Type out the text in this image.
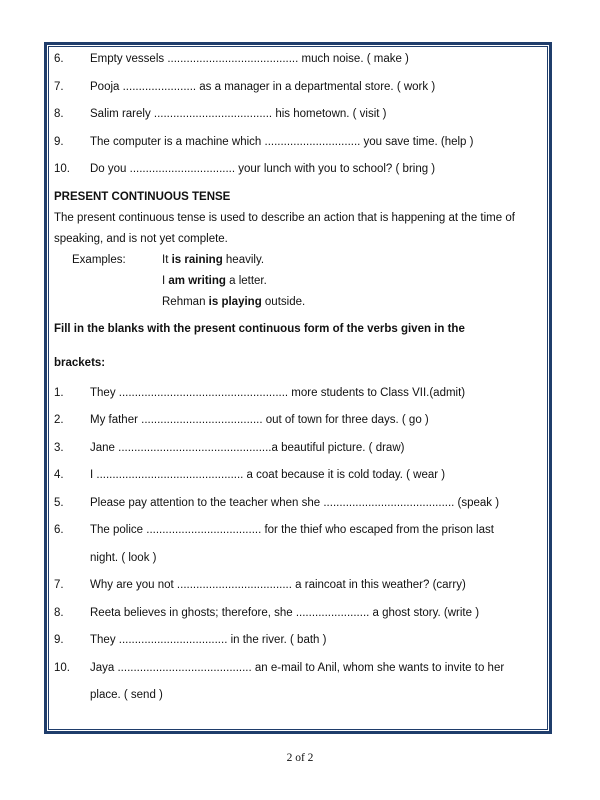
6. Empty vessels ......................................... much noise. ( make )
7. Pooja ....................... as a manager in a departmental store. ( work )
8. Salim rarely ..................................... his hometown. ( visit )
9. The computer is a machine which .............................. you save time. (help )
10. Do you ................................. your lunch with you to school? ( bring )
PRESENT CONTINUOUS TENSE
The present continuous tense is used to describe an action that is happening at the time of
speaking, and is not yet complete.
Examples:	It is raining heavily.
I am writing a letter.
Rehman is playing outside.
Fill in the blanks with the present continuous form of the verbs given in the
brackets:
1. They ..................................................... more students to Class VII.(admit)
2. My father ...................................... out of town for three days. ( go )
3. Jane ................................................a beautiful picture. ( draw)
4. I .............................................. a coat because it is cold today. ( wear )
5. Please pay attention to the teacher when she ......................................... (speak )
6. The police .................................... for the thief who escaped from the prison last
night. ( look )
7. Why are you not .................................... a raincoat in this weather? (carry)
8. Reeta believes in ghosts; therefore, she ....................... a ghost story. (write )
9. They .................................. in the river. ( bath )
10. Jaya .......................................... an e-mail to Anil, whom she wants to invite to her
place. ( send )
2 of 2
